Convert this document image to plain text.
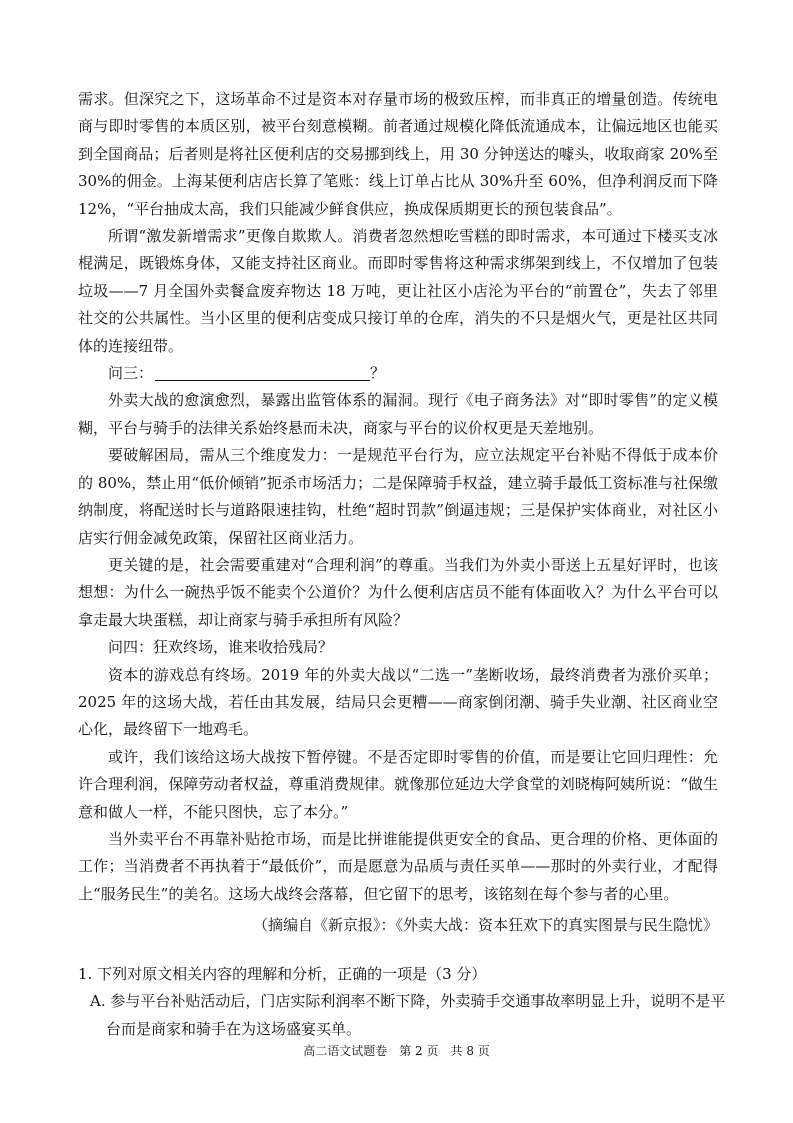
需求。但深究之下，这场革命不过是资本对存量市场的极致压榨，而非真正的增量创造。传统电商与即时零售的本质区别，被平台刻意模糊。前者通过规模化降低流通成本，让偏远地区也能买到全国商品；后者则是将社区便利店的交易挪到线上，用 30 分钟送达的噱头，收取商家 20%至 30%的佣金。上海某便利店店长算了笔账：线上订单占比从 30%升至 60%，但净利润反而下降 12%，“平台抽成太高，我们只能减少鲜食供应，换成保质期更长的预包装食品”。

所谓“激发新增需求”更像自欺欺人。消费者忽然想吃雪糕的即时需求，本可通过下楼买支冰棍满足，既锻炼身体，又能支持社区商业。而即时零售将这种需求绑架到线上，不仅增加了包装垃圾——7 月全国外卖餐盒废弃物达 18 万吨，更让社区小店沦为平台的“前置仓”，失去了邻里社交的公共属性。当小区里的便利店变成只接订单的仓库，消失的不只是烟火气，更是社区共同体的连接纽带。

问三：	？

外卖大战的愈演愈烈，暴露出监管体系的漏洞。现行《电子商务法》对“即时零售”的定义模糊，平台与骑手的法律关系始终悬而未决，商家与平台的议价权更是天差地别。

要破解困局，需从三个维度发力：一是规范平台行为，应立法规定平台补贴不得低于成本价的 80%，禁止用“低价倾销”扼杀市场活力；二是保障骑手权益，建立骑手最低工资标准与社保缴纳制度，将配送时长与道路限速挂钩，杜绝“超时罚款”倒逼违规；三是保护实体商业，对社区小店实行佣金减免政策，保留社区商业活力。

更关键的是，社会需要重建对“合理利润”的尊重。当我们为外卖小哥送上五星好评时，也该想想：为什么一碗热乎饭不能卖个公道价？为什么便利店店员不能有体面收入？为什么平台可以拿走最大块蛋糕，却让商家与骑手承担所有风险？

问四：狂欢终场，谁来收拾残局？

资本的游戏总有终场。2019 年的外卖大战以“二选一”垄断收场，最终消费者为涨价买单；2025 年的这场大战，若任由其发展，结局只会更糟——商家倒闭潮、骑手失业潮、社区商业空心化，最终留下一地鸡毛。

或许，我们该给这场大战按下暂停键。不是否定即时零售的价值，而是要让它回归理性：允许合理利润，保障劳动者权益，尊重消费规律。就像那位延边大学食堂的刘晓梅阿姨所说：“做生意和做人一样，不能只图快，忘了本分。”

当外卖平台不再靠补贴抢市场，而是比拼谁能提供更安全的食品、更合理的价格、更体面的工作；当消费者不再执着于“最低价”，而是愿意为品质与责任买单——那时的外卖行业，才配得上“服务民生”的美名。这场大战终会落幕，但它留下的思考，该铭刻在每个参与者的心里。

（摘编自《新京报》：《外卖大战：资本狂欢下的真实图景与民生隐忧》

1. 下列对原文相关内容的理解和分析，正确的一项是（3 分）

A. 参与平台补贴活动后，门店实际利润率不断下降，外卖骑手交通事故率明显上升，说明不是平台而是商家和骑手在为这场盛宴买单。

高二语文试题卷　第 2 页　共 8 页
